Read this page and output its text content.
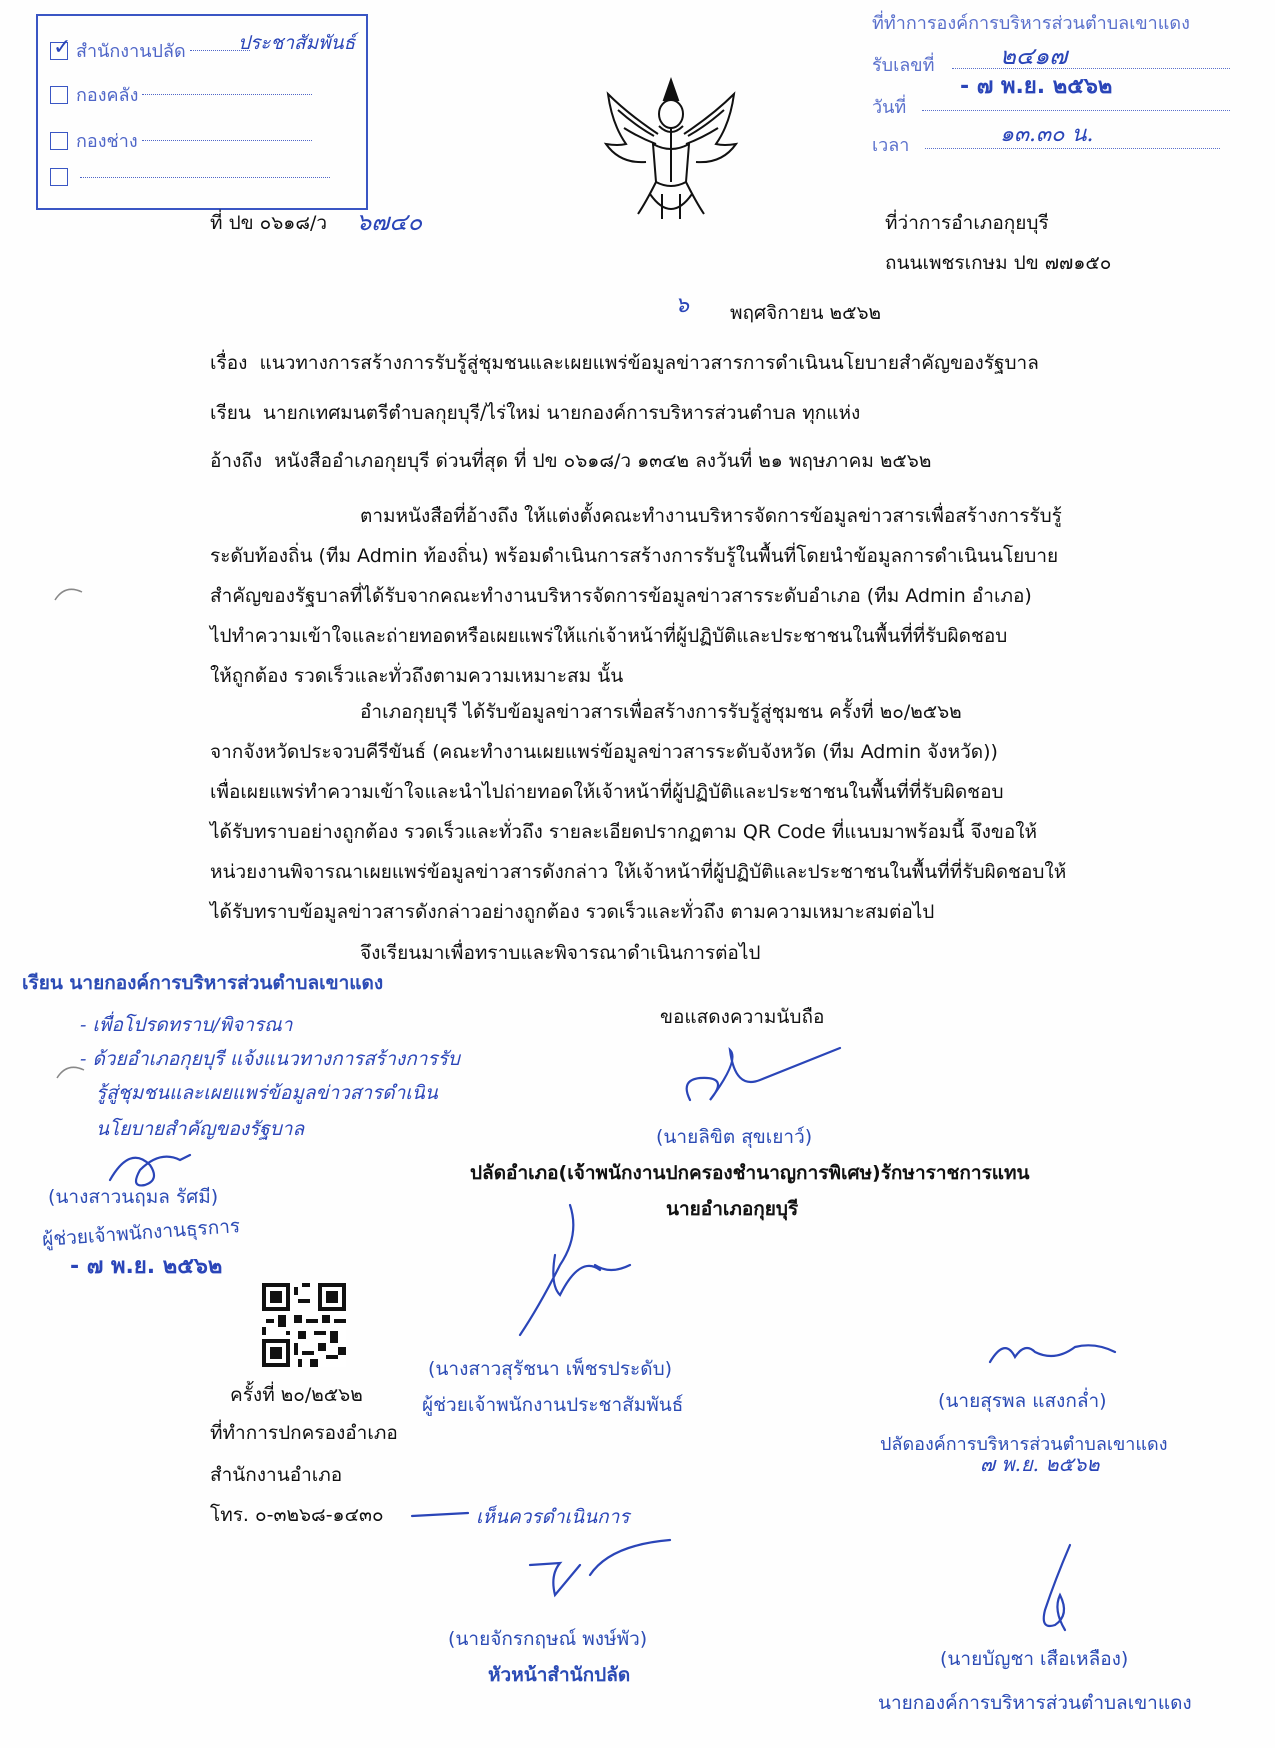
✓
สำนักงานปลัด	ประชาสัมพันธ์
กองคลัง
กองช่าง
ที่ทำการองค์การบริหารส่วนตำบลเขาแดง
รับเลขที่	๒๔๑๗
วันที่
- ๗ พ.ย. ๒๕๖๒
เวลา	๑๓.๓๐ น.
ที่ ปข ๐๖๑๘/ว ๖๗๔๐	ที่ว่าการอำเภอกุยบุรี
ถนนเพชรเกษม ปข ๗๗๑๕๐
๖ พฤศจิกายน ๒๕๖๒
เรื่อง แนวทางการสร้างการรับรู้สู่ชุมชนและเผยแพร่ข้อมูลข่าวสารการดำเนินนโยบายสำคัญของรัฐบาล
เรียน นายกเทศมนตรีตำบลกุยบุรี/ไร่ใหม่ นายกองค์การบริหารส่วนตำบล ทุกแห่ง
อ้างถึง หนังสืออำเภอกุยบุรี ด่วนที่สุด ที่ ปข ๐๖๑๘/ว ๑๓๔๒ ลงวันที่ ๒๑ พฤษภาคม ๒๕๖๒
ตามหนังสือที่อ้างถึง ให้แต่งตั้งคณะทำงานบริหารจัดการข้อมูลข่าวสารเพื่อสร้างการรับรู้
ระดับท้องถิ่น (ทีม Admin ท้องถิ่น) พร้อมดำเนินการสร้างการรับรู้ในพื้นที่โดยนำข้อมูลการดำเนินนโยบาย
สำคัญของรัฐบาลที่ได้รับจากคณะทำงานบริหารจัดการข้อมูลข่าวสารระดับอำเภอ (ทีม Admin อำเภอ)
ไปทำความเข้าใจและถ่ายทอดหรือเผยแพร่ให้แก่เจ้าหน้าที่ผู้ปฏิบัติและประชาชนในพื้นที่ที่รับผิดชอบ
ให้ถูกต้อง รวดเร็วและทั่วถึงตามความเหมาะสม นั้น
อำเภอกุยบุรี ได้รับข้อมูลข่าวสารเพื่อสร้างการรับรู้สู่ชุมชน ครั้งที่ ๒๐/๒๕๖๒
จากจังหวัดประจวบคีรีขันธ์ (คณะทำงานเผยแพร่ข้อมูลข่าวสารระดับจังหวัด (ทีม Admin จังหวัด))
เพื่อเผยแพร่ทำความเข้าใจและนำไปถ่ายทอดให้เจ้าหน้าที่ผู้ปฏิบัติและประชาชนในพื้นที่ที่รับผิดชอบ
ได้รับทราบอย่างถูกต้อง รวดเร็วและทั่วถึง รายละเอียดปรากฏตาม QR Code ที่แนบมาพร้อมนี้ จึงขอให้
หน่วยงานพิจารณาเผยแพร่ข้อมูลข่าวสารดังกล่าว ให้เจ้าหน้าที่ผู้ปฏิบัติและประชาชนในพื้นที่ที่รับผิดชอบให้
ได้รับทราบข้อมูลข่าวสารดังกล่าวอย่างถูกต้อง รวดเร็วและทั่วถึง ตามความเหมาะสมต่อไป
จึงเรียนมาเพื่อทราบและพิจารณาดำเนินการต่อไป
เรียน นายกองค์การบริหารส่วนตำบลเขาแดง
- เพื่อโปรดทราบ/พิจารณา
- ด้วยอำเภอกุยบุรี แจ้งแนวทางการสร้างการรับ
รู้สู่ชุมชนและเผยแพร่ข้อมูลข่าวสารดำเนิน
นโยบายสำคัญของรัฐบาล
(นางสาวนฤมล รัศมี)
ผู้ช่วยเจ้าพนักงานธุรการ
- ๗ พ.ย. ๒๕๖๒
ขอแสดงความนับถือ
(นายลิขิต สุขเยาว์)
ปลัดอำเภอ(เจ้าพนักงานปกครองชำนาญการพิเศษ)รักษาราชการแทน
นายอำเภอกุยบุรี
(นางสาวสุรัชนา เพ็ชรประดับ)
ผู้ช่วยเจ้าพนักงานประชาสัมพันธ์
ครั้งที่ ๒๐/๒๕๖๒
ที่ทำการปกครองอำเภอ
สำนักงานอำเภอ
โทร. ๐-๓๒๖๘-๑๔๓๐	เห็นควรดำเนินการ
(นายจักรกฤษณ์ พงษ์พัว)
หัวหน้าสำนักปลัด
(นายสุรพล แสงกล่ำ)
ปลัดองค์การบริหารส่วนตำบลเขาแดง
๗ พ.ย. ๒๕๖๒
(นายบัญชา เสือเหลือง)
นายกองค์การบริหารส่วนตำบลเขาแดง
